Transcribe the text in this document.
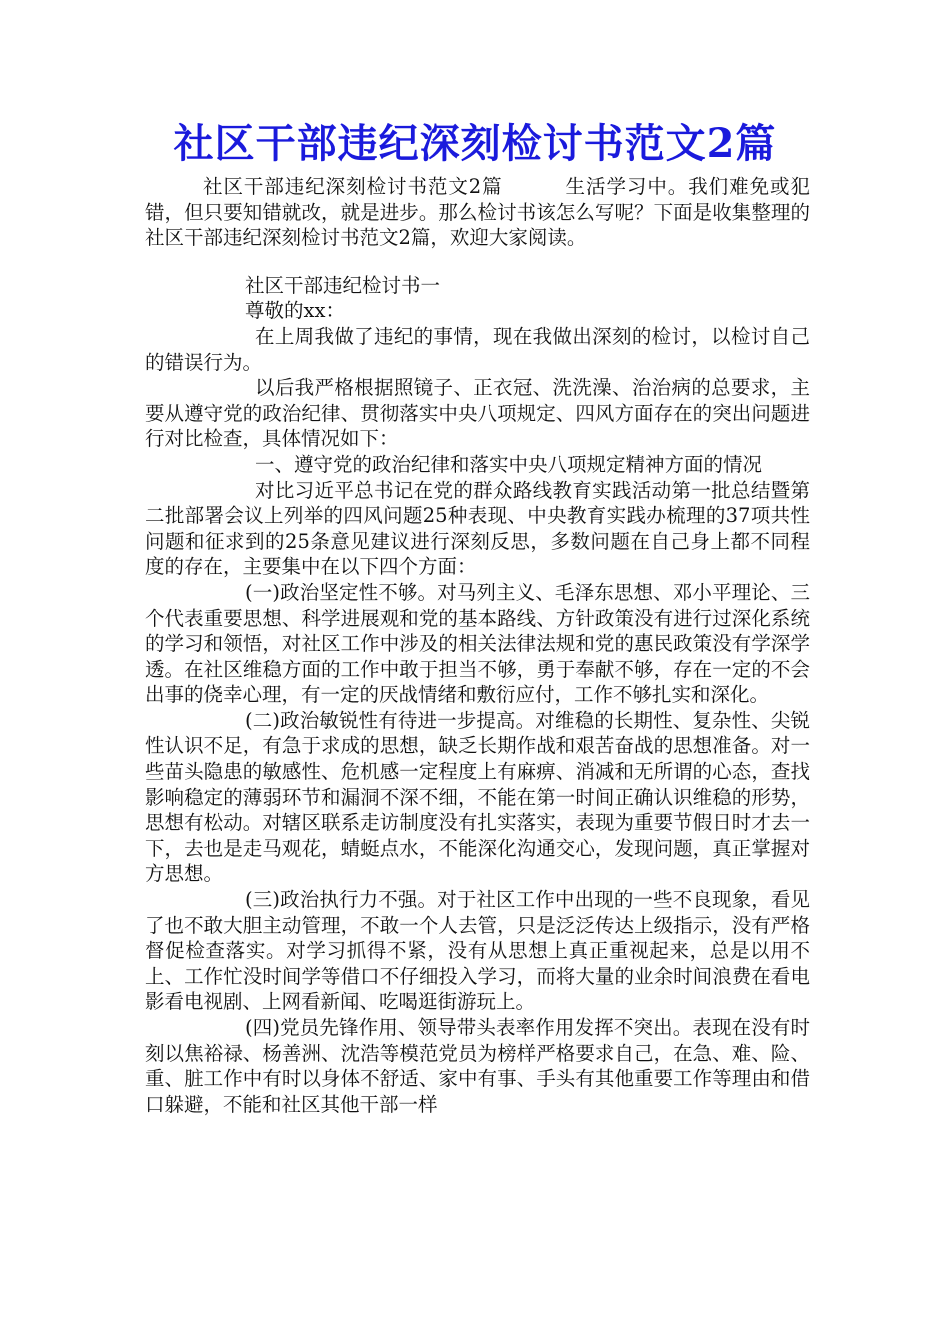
社区干部违纪深刻检讨书范文2篇

社区干部违纪深刻检讨书范文2篇	生活学习中。我们难免或犯错，但只要知错就改，就是进步。那么检讨书该怎么写呢？下面是收集整理的社区干部违纪深刻检讨书范文2篇，欢迎大家阅读。

社区干部违纪检讨书一

尊敬的xx：

在上周我做了违纪的事情，现在我做出深刻的检讨，以检讨自己的错误行为。

以后我严格根据照镜子、正衣冠、洗洗澡、治治病的总要求，主要从遵守党的政治纪律、贯彻落实中央八项规定、四风方面存在的突出问题进行对比检查，具体情况如下：

一、遵守党的政治纪律和落实中央八项规定精神方面的情况

对比习近平总书记在党的群众路线教育实践活动第一批总结暨第二批部署会议上列举的四风问题25种表现、中央教育实践办梳理的37项共性问题和征求到的25条意见建议进行深刻反思，多数问题在自己身上都不同程度的存在，主要集中在以下四个方面：

(一)政治坚定性不够。对马列主义、毛泽东思想、邓小平理论、三个代表重要思想、科学进展观和党的基本路线、方针政策没有进行过深化系统的学习和领悟，对社区工作中涉及的相关法律法规和党的惠民政策没有学深学透。在社区维稳方面的工作中敢于担当不够，勇于奉献不够，存在一定的不会出事的侥幸心理，有一定的厌战情绪和敷衍应付，工作不够扎实和深化。

(二)政治敏锐性有待进一步提高。对维稳的长期性、复杂性、尖锐性认识不足，有急于求成的思想，缺乏长期作战和艰苦奋战的思想准备。对一些苗头隐患的敏感性、危机感一定程度上有麻痹、消减和无所谓的心态，查找影响稳定的薄弱环节和漏洞不深不细，不能在第一时间正确认识维稳的形势，思想有松动。对辖区联系走访制度没有扎实落实，表现为重要节假日时才去一下，去也是走马观花，蜻蜓点水，不能深化沟通交心，发现问题，真正掌握对方思想。

(三)政治执行力不强。对于社区工作中出现的一些不良现象，看见了也不敢大胆主动管理，不敢一个人去管，只是泛泛传达上级指示，没有严格督促检查落实。对学习抓得不紧，没有从思想上真正重视起来，总是以用不上、工作忙没时间学等借口不仔细投入学习，而将大量的业余时间浪费在看电影看电视剧、上网看新闻、吃喝逛街游玩上。

(四)党员先锋作用、领导带头表率作用发挥不突出。表现在没有时刻以焦裕禄、杨善洲、沈浩等模范党员为榜样严格要求自己，在急、难、险、重、脏工作中有时以身体不舒适、家中有事、手头有其他重要工作等理由和借口躲避，不能和社区其他干部一样
